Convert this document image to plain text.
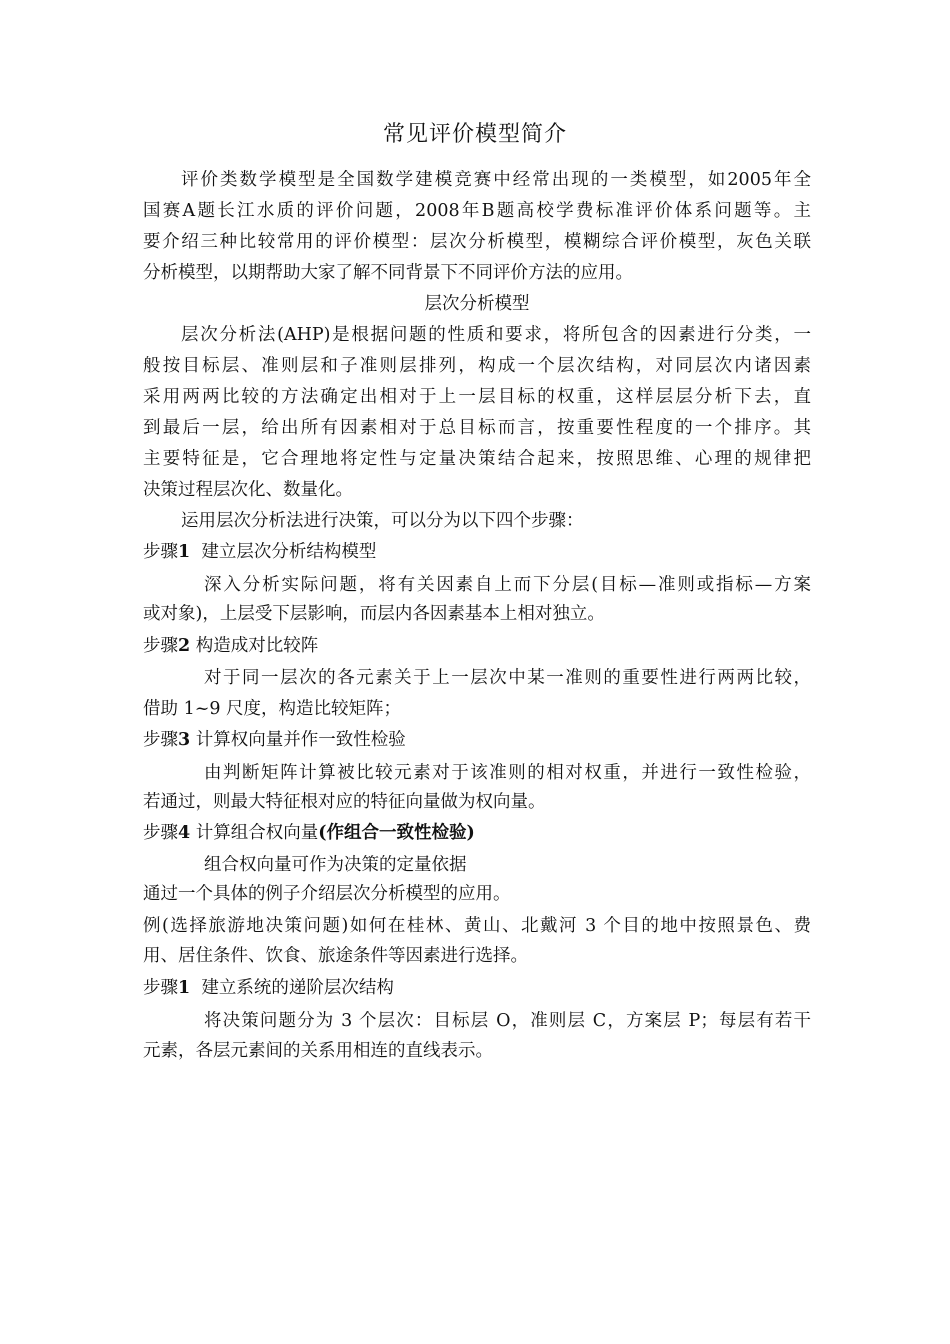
常见评价模型简介
评价类数学模型是全国数学建模竞赛中经常出现的一类模型，如2005年全
国赛A题长江水质的评价问题，2008年B题高校学费标准评价体系问题等。主
要介绍三种比较常用的评价模型：层次分析模型，模糊综合评价模型，灰色关联
分析模型，以期帮助大家了解不同背景下不同评价方法的应用。
层次分析模型
层次分析法(AHP)是根据问题的性质和要求，将所包含的因素进行分类，一
般按目标层、准则层和子准则层排列，构成一个层次结构，对同层次内诸因素
采用两两比较的方法确定出相对于上一层目标的权重，这样层层分析下去，直
到最后一层，给出所有因素相对于总目标而言，按重要性程度的一个排序。其
主要特征是，它合理地将定性与定量决策结合起来，按照思维、心理的规律把
决策过程层次化、数量化。
运用层次分析法进行决策，可以分为以下四个步骤：
步骤1 建立层次分析结构模型
深入分析实际问题，将有关因素自上而下分层(目标—准则或指标—方案
或对象)，上层受下层影响，而层内各因素基本上相对独立。
步骤2 构造成对比较阵
对于同一层次的各元素关于上一层次中某一准则的重要性进行两两比较，
借助 1~9 尺度，构造比较矩阵；
步骤3 计算权向量并作一致性检验
由判断矩阵计算被比较元素对于该准则的相对权重，并进行一致性检验，
若通过，则最大特征根对应的特征向量做为权向量。
步骤4 计算组合权向量(作组合一致性检验)
组合权向量可作为决策的定量依据
通过一个具体的例子介绍层次分析模型的应用。
例(选择旅游地决策问题)如何在桂林、黄山、北戴河 3 个目的地中按照景色、费
用、居住条件、饮食、旅途条件等因素进行选择。
步骤1 建立系统的递阶层次结构
将决策问题分为 3 个层次：目标层 O，准则层 C，方案层 P；每层有若干
元素，各层元素间的关系用相连的直线表示。
